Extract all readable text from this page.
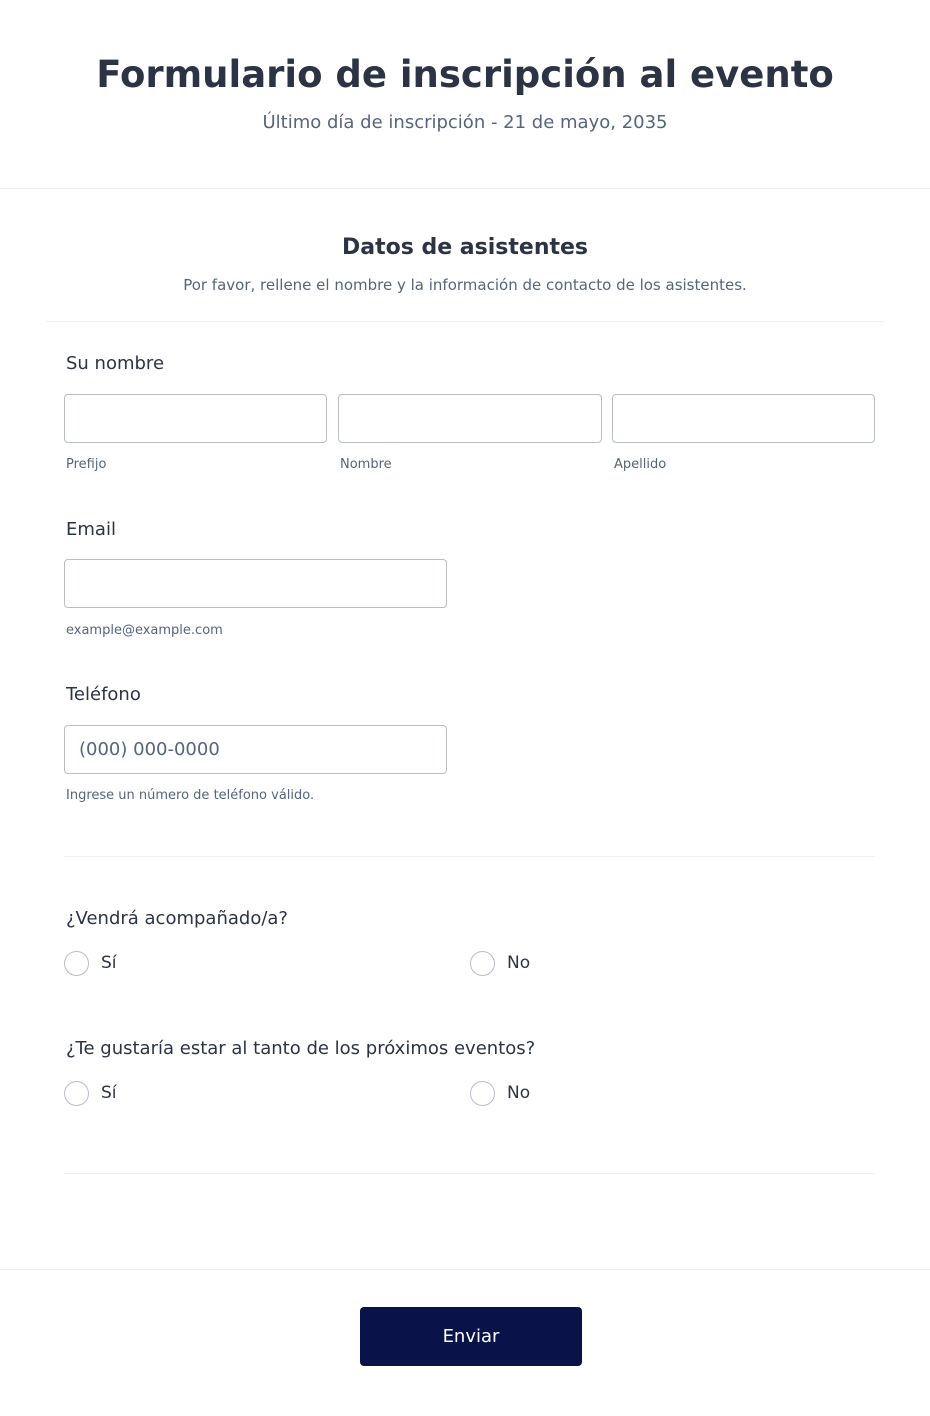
Formulario de inscripción al evento
Último día de inscripción - 21 de mayo, 2035
Datos de asistentes
Por favor, rellene el nombre y la información de contacto de los asistentes.
Su nombre
Prefijo	Nombre	Apellido
Email
example@example.com
Teléfono
(000) 000-0000
Ingrese un número de teléfono válido.
¿Vendrá acompañado/a?
Sí	No
¿Te gustaría estar al tanto de los próximos eventos?
Sí	No
Enviar
